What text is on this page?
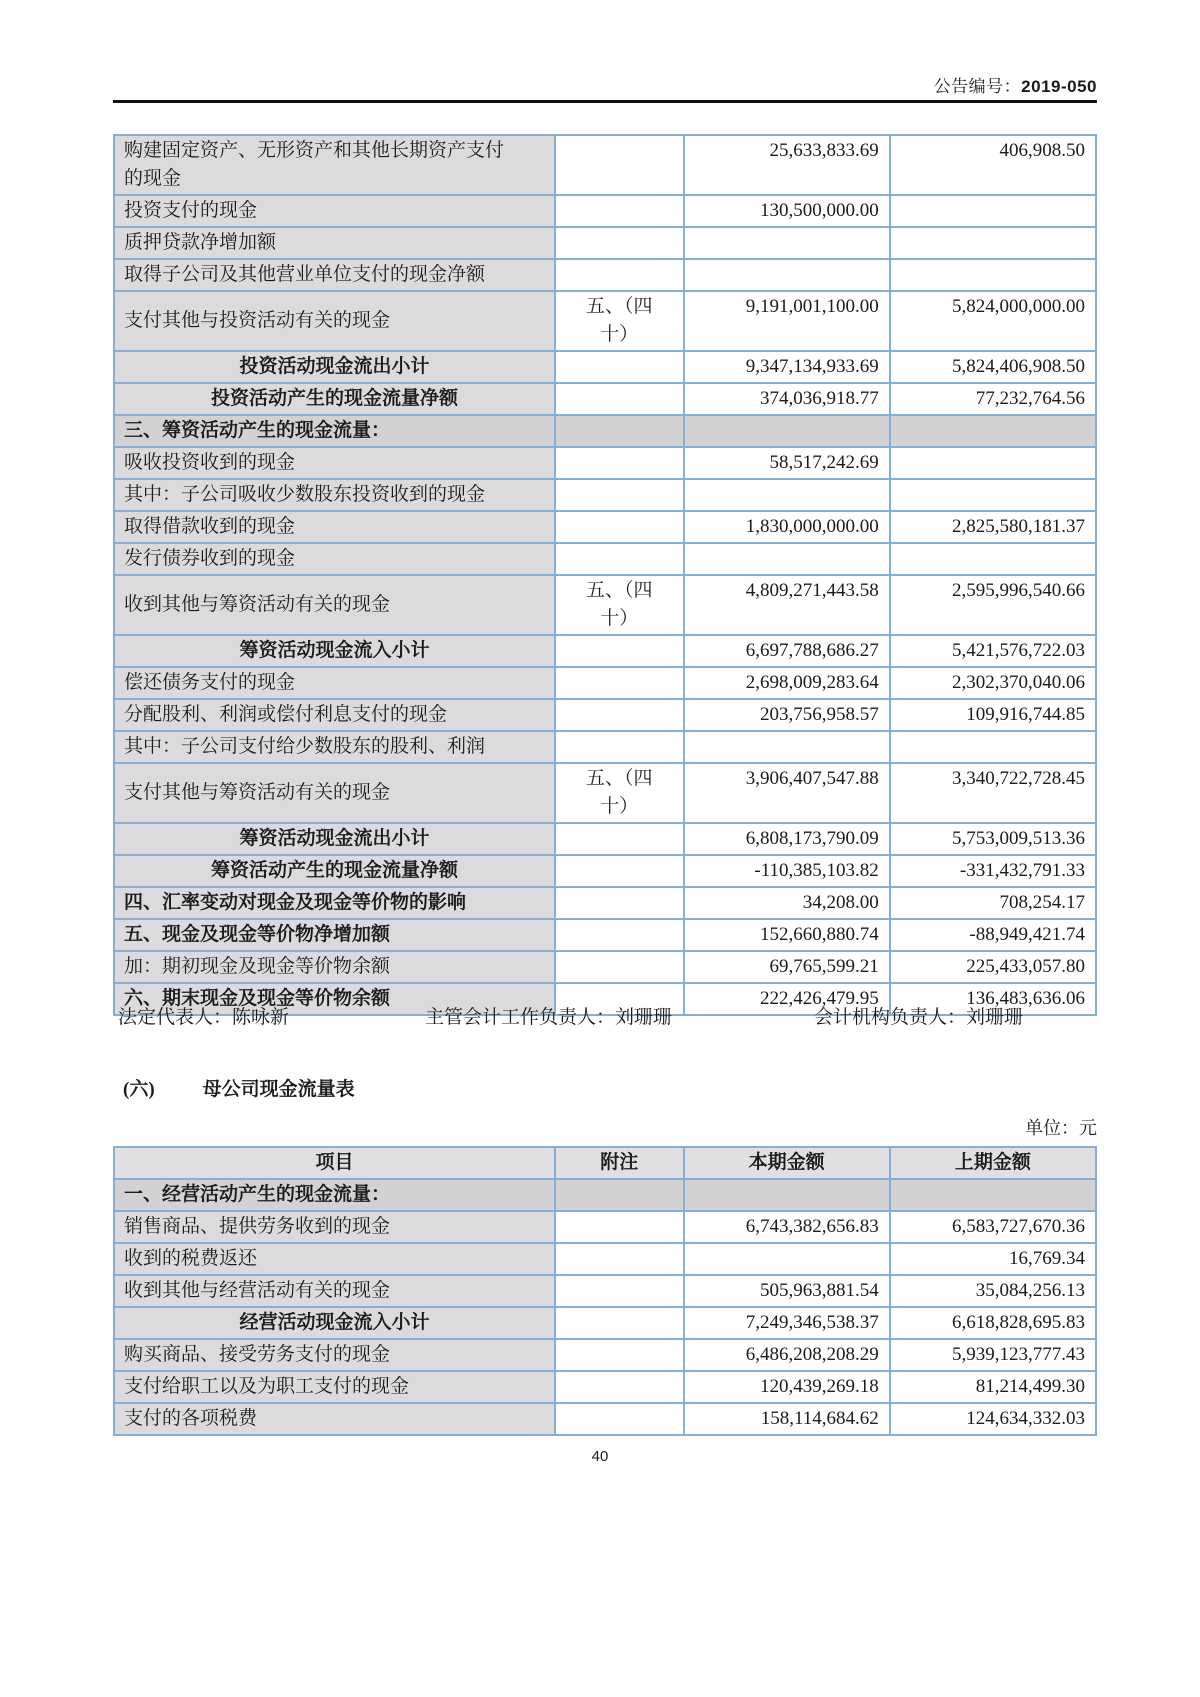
公告编号：2019-050
购建固定资产、无形资产和其他长期资产支付的现金		25,633,833.69	406,908.50
投资支付的现金		130,500,000.00	
质押贷款净增加额			
取得子公司及其他营业单位支付的现金净额			
支付其他与投资活动有关的现金	五、（四十）	9,191,001,100.00	5,824,000,000.00
投资活动现金流出小计		9,347,134,933.69	5,824,406,908.50
投资活动产生的现金流量净额		374,036,918.77	77,232,764.56
三、筹资活动产生的现金流量：			
吸收投资收到的现金		58,517,242.69	
其中：子公司吸收少数股东投资收到的现金			
取得借款收到的现金		1,830,000,000.00	2,825,580,181.37
发行债券收到的现金			
收到其他与筹资活动有关的现金	五、（四十）	4,809,271,443.58	2,595,996,540.66
筹资活动现金流入小计		6,697,788,686.27	5,421,576,722.03
偿还债务支付的现金		2,698,009,283.64	2,302,370,040.06
分配股利、利润或偿付利息支付的现金		203,756,958.57	109,916,744.85
其中：子公司支付给少数股东的股利、利润			
支付其他与筹资活动有关的现金	五、（四十）	3,906,407,547.88	3,340,722,728.45
筹资活动现金流出小计		6,808,173,790.09	5,753,009,513.36
筹资活动产生的现金流量净额		-110,385,103.82	-331,432,791.33
四、汇率变动对现金及现金等价物的影响		34,208.00	708,254.17
五、现金及现金等价物净增加额		152,660,880.74	-88,949,421.74
加：期初现金及现金等价物余额		69,765,599.21	225,433,057.80
六、期末现金及现金等价物余额		222,426,479.95	136,483,636.06
法定代表人：陈咏新	主管会计工作负责人：刘珊珊	会计机构负责人：刘珊珊
(六)	母公司现金流量表
单位：元
项目	附注	本期金额	上期金额
一、经营活动产生的现金流量：			
销售商品、提供劳务收到的现金		6,743,382,656.83	6,583,727,670.36
收到的税费返还			16,769.34
收到其他与经营活动有关的现金		505,963,881.54	35,084,256.13
经营活动现金流入小计		7,249,346,538.37	6,618,828,695.83
购买商品、接受劳务支付的现金		6,486,208,208.29	5,939,123,777.43
支付给职工以及为职工支付的现金		120,439,269.18	81,214,499.30
支付的各项税费		158,114,684.62	124,634,332.03
40
